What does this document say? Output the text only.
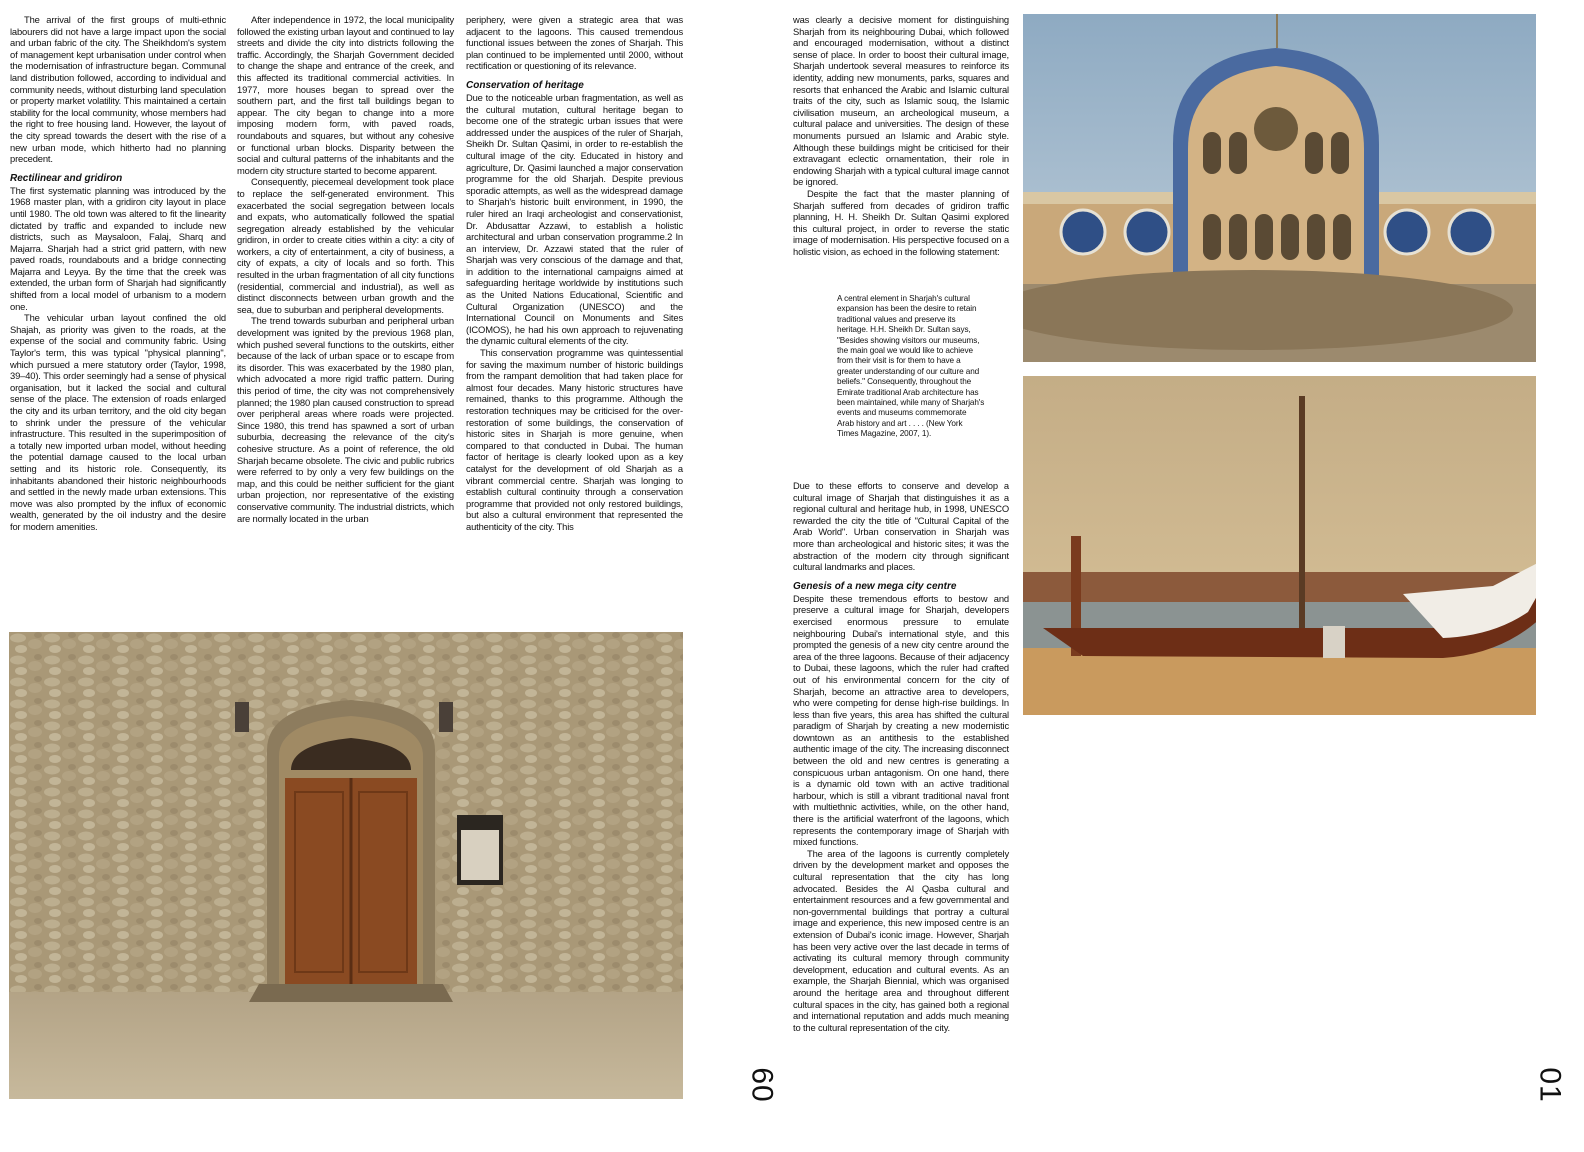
The arrival of the first groups of multi-ethnic labourers did not have a large impact upon the social and urban fabric of the city. The Sheikhdom's system of management kept urbanisation under control when the modernisation of infrastructure began. Communal land distribution followed, according to individual and community needs, without disturbing land speculation or property market volatility. This maintained a certain stability for the local community, whose members had the right to free housing land. However, the layout of the city spread towards the desert with the rise of a new urban mode, which hitherto had no planning precedent.

Rectilinear and gridiron

The first systematic planning was introduced by the 1968 master plan, with a gridiron city layout in place until 1980. The old town was altered to fit the linearity dictated by traffic and expanded to include new districts, such as Maysaloon, Falaj, Sharq and Majarra. Sharjah had a strict grid pattern, with new paved roads, roundabouts and a bridge connecting Majarra and Leyya. By the time that the creek was extended, the urban form of Sharjah had significantly shifted from a local model of urbanism to a modern one.

The vehicular urban layout confined the old Shajah, as priority was given to the roads, at the expense of the social and community fabric. Using Taylor's term, this was typical "physical planning", which pursued a mere statutory order (Taylor, 1998, 39–40). This order seemingly had a sense of physical organisation, but it lacked the social and cultural sense of the place. The extension of roads enlarged the city and its urban territory, and the old city began to shrink under the pressure of the vehicular infrastructure. This resulted in the superimposition of a totally new imported urban model, without heeding the potential damage caused to the local urban setting and its historic role. Consequently, its inhabitants abandoned their historic neighbourhoods and settled in the newly made urban extensions. This move was also prompted by the influx of economic wealth, generated by the oil industry and the desire for modern amenities.

After independence in 1972, the local municipality followed the existing urban layout and continued to lay streets and divide the city into districts following the traffic. Accordingly, the Sharjah Government decided to change the shape and entrance of the creek, and this affected its traditional commercial activities. In 1977, more houses began to spread over the southern part, and the first tall buildings began to appear. The city began to change into a more imposing modern form, with paved roads, roundabouts and squares, but without any cohesive or functional urban blocks. Disparity between the social and cultural patterns of the inhabitants and the modern city structure started to become apparent.

Consequently, piecemeal development took place to replace the self-generated environment. This exacerbated the social segregation between locals and expats, who automatically followed the spatial segregation already established by the vehicular gridiron, in order to create cities within a city: a city of workers, a city of entertainment, a city of business, a city of expats, a city of locals and so forth. This resulted in the urban fragmentation of all city functions (residential, commercial and industrial), as well as distinct disconnects between urban growth and the sea, due to suburban and peripheral developments.

The trend towards suburban and peripheral urban development was ignited by the previous 1968 plan, which pushed several functions to the outskirts, either because of the lack of urban space or to escape from its disorder. This was exacerbated by the 1980 plan, which advocated a more rigid traffic pattern. During this period of time, the city was not comprehensively planned; the 1980 plan caused construction to spread over peripheral areas where roads were projected. Since 1980, this trend has spawned a sort of urban suburbia, decreasing the relevance of the city's cohesive structure. As a point of reference, the old Sharjah became obsolete. The civic and public rubrics were referred to by only a very few buildings on the map, and this could be neither sufficient for the giant urban projection, nor representative of the existing conservative community. The industrial districts, which are normally located in the urban

periphery, were given a strategic area that was adjacent to the lagoons. This caused tremendous functional issues between the zones of Sharjah. This plan continued to be implemented until 2000, without rectification or questioning of its relevance.

Conservation of heritage

Due to the noticeable urban fragmentation, as well as the cultural mutation, cultural heritage began to become one of the strategic urban issues that were addressed under the auspices of the ruler of Sharjah, Sheikh Dr. Sultan Qasimi, in order to re-establish the cultural image of the city. Educated in history and agriculture, Dr. Qasimi launched a major conservation programme for the old Sharjah. Despite previous sporadic attempts, as well as the widespread damage to Sharjah's historic built environment, in 1990, the ruler hired an Iraqi archeologist and conservationist, Dr. Abdusattar Azzawi, to establish a holistic architectural and urban conservation programme.2 In an interview, Dr. Azzawi stated that the ruler of Sharjah was very conscious of the damage and that, in addition to the international campaigns aimed at safeguarding heritage worldwide by institutions such as the United Nations Educational, Scientific and Cultural Organization (UNESCO) and the International Council on Monuments and Sites (ICOMOS), he had his own approach to rejuvenating the dynamic cultural elements of the city.

This conservation programme was quintessential for saving the maximum number of historic buildings from the rampant demolition that had taken place for almost four decades. Many historic structures have remained, thanks to this programme. Although the restoration techniques may be criticised for the over-restoration of some buildings, the conservation of historic sites in Sharjah is more genuine, when compared to that conducted in Dubai. The human factor of heritage is clearly looked upon as a key catalyst for the development of old Sharjah as a vibrant commercial centre. Sharjah was longing to establish cultural continuity through a conservation programme that provided not only restored buildings, but also a cultural environment that represented the authenticity of the city. This

was clearly a decisive moment for distinguishing Sharjah from its neighbouring Dubai, which followed and encouraged modernisation, without a distinct sense of place. In order to boost their cultural image, Sharjah undertook several measures to reinforce its identity, adding new monuments, parks, squares and resorts that enhanced the Arabic and Islamic cultural traits of the city, such as Islamic souq, the Islamic civilisation museum, an archeological museum, a cultural palace and universities. The design of these monuments pursued an Islamic and Arabic style. Although these buildings might be criticised for their extravagant eclectic ornamentation, their role in endowing Sharjah with a typical cultural image cannot be ignored.

Despite the fact that the master planning of Sharjah suffered from decades of gridiron traffic planning, H. H. Sheikh Dr. Sultan Qasimi explored this cultural project, in order to reverse the static image of modernisation. His perspective focused on a holistic vision, as echoed in the following statement:

A central element in Sharjah's cultural expansion has been the desire to retain traditional values and preserve its heritage. H.H. Sheikh Dr. Sultan says, "Besides showing visitors our museums, the main goal we would like to achieve from their visit is for them to have a greater understanding of our culture and beliefs." Consequently, throughout the Emirate traditional Arab architecture has been maintained, while many of Sharjah's events and museums commemorate Arab history and art . . . . (New York Times Magazine, 2007, 1).

Due to these efforts to conserve and develop a cultural image of Sharjah that distinguishes it as a regional cultural and heritage hub, in 1998, UNESCO rewarded the city the title of "Cultural Capital of the Arab World". Urban conservation in Sharjah was more than archeological and historic sites; it was the abstraction of the modern city through significant cultural landmarks and places.

Genesis of a new mega city centre

Despite these tremendous efforts to bestow and preserve a cultural image for Sharjah, developers exercised enormous pressure to emulate neighbouring Dubai's international style, and this prompted the genesis of a new city centre around the area of the three lagoons. Because of their adjacency to Dubai, these lagoons, which the ruler had crafted out of his environmental concern for the city of Sharjah, become an attractive area to developers, who were competing for dense high-rise buildings. In less than five years, this area has shifted the cultural paradigm of Sharjah by creating a new modernistic downtown as an antithesis to the established authentic image of the city. The increasing disconnect between the old and new centres is generating a conspicuous urban antagonism. On one hand, there is a dynamic old town with an active traditional harbour, which is still a vibrant traditional naval front with multiethnic activities, while, on the other hand, there is the artificial waterfront of the lagoons, which represents the contemporary image of Sharjah with mixed functions.

The area of the lagoons is currently completely driven by the development market and opposes the cultural representation that the city has long advocated. Besides the Al Qasba cultural and entertainment resources and a few governmental and non-governmental buildings that portray a cultural image and experience, this new imposed centre is an extension of Dubai's iconic image. However, Sharjah has been very active over the last decade in terms of activating its cultural memory through community development, education and cultural events. As an example, the Sharjah Biennial, which was organised around the heritage area and throughout different cultural spaces in the city, has gained both a regional and international reputation and adds much meaning to the cultural representation of the city.

60	01
